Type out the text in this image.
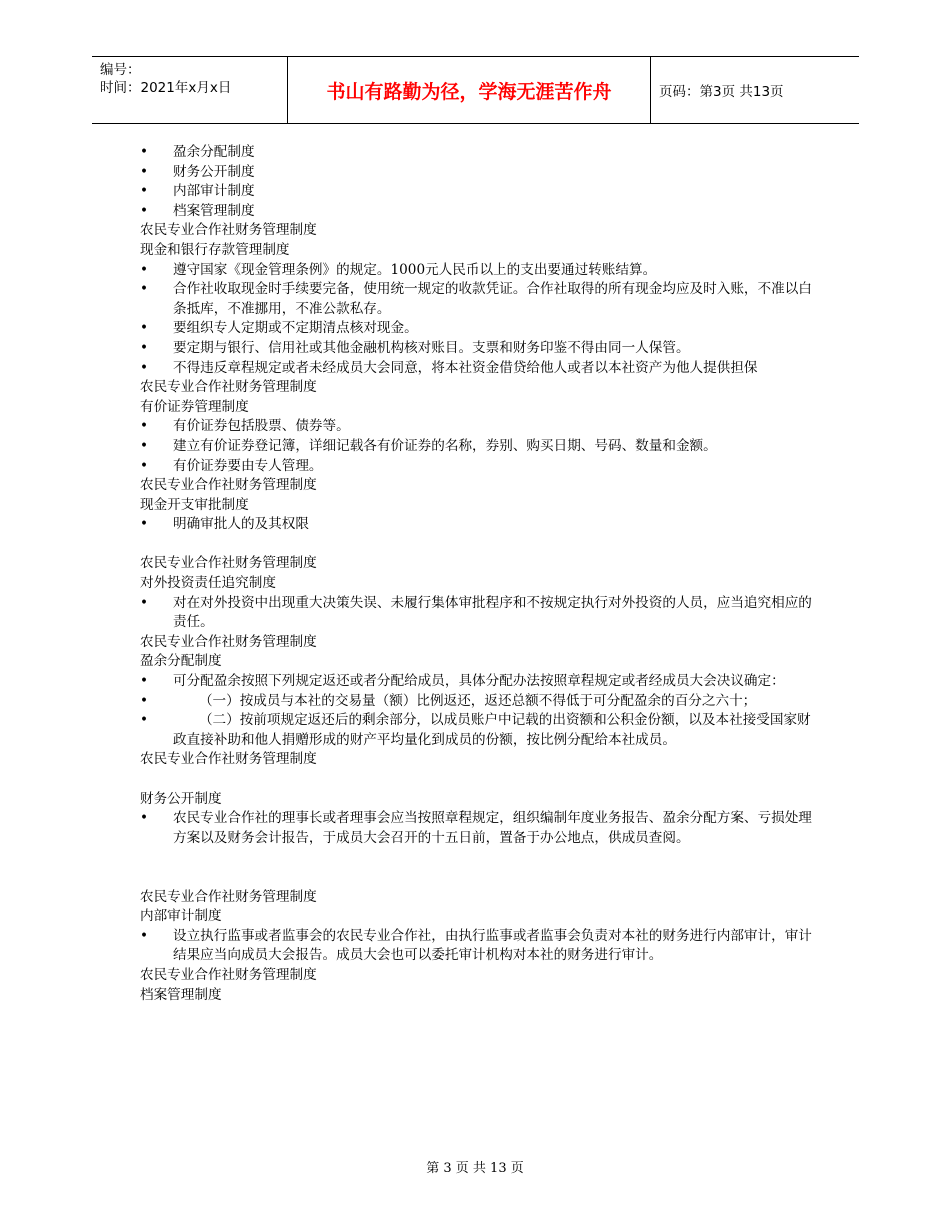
编号：
时间：2021年x月x日	书山有路勤为径，学海无涯苦作舟	页码：第3页 共13页
• 盈余分配制度
• 财务公开制度
• 内部审计制度
• 档案管理制度
农民专业合作社财务管理制度
现金和银行存款管理制度
• 遵守国家《现金管理条例》的规定。1000元人民币以上的支出要通过转账结算。
• 合作社收取现金时手续要完备，使用统一规定的收款凭证。合作社取得的所有现金均应及时入账，不准以白条抵库，不准挪用，不准公款私存。
• 要组织专人定期或不定期清点核对现金。
• 要定期与银行、信用社或其他金融机构核对账目。支票和财务印鉴不得由同一人保管。
• 不得违反章程规定或者未经成员大会同意，将本社资金借贷给他人或者以本社资产为他人提供担保
农民专业合作社财务管理制度
有价证券管理制度
• 有价证券包括股票、债券等。
• 建立有价证券登记簿，详细记载各有价证券的名称，券别、购买日期、号码、数量和金额。
• 有价证券要由专人管理。
农民专业合作社财务管理制度
现金开支审批制度
• 明确审批人的及其权限
农民专业合作社财务管理制度
对外投资责任追究制度
• 对在对外投资中出现重大决策失误、未履行集体审批程序和不按规定执行对外投资的人员，应当追究相应的责任。
农民专业合作社财务管理制度
盈余分配制度
• 可分配盈余按照下列规定返还或者分配给成员，具体分配办法按照章程规定或者经成员大会决议确定：
• （一）按成员与本社的交易量（额）比例返还，返还总额不得低于可分配盈余的百分之六十；
• （二）按前项规定返还后的剩余部分，以成员账户中记载的出资额和公积金份额，以及本社接受国家财政直接补助和他人捐赠形成的财产平均量化到成员的份额，按比例分配给本社成员。
农民专业合作社财务管理制度
财务公开制度
• 农民专业合作社的理事长或者理事会应当按照章程规定，组织编制年度业务报告、盈余分配方案、亏损处理方案以及财务会计报告，于成员大会召开的十五日前，置备于办公地点，供成员查阅。
农民专业合作社财务管理制度
内部审计制度
• 设立执行监事或者监事会的农民专业合作社，由执行监事或者监事会负责对本社的财务进行内部审计，审计结果应当向成员大会报告。成员大会也可以委托审计机构对本社的财务进行审计。
农民专业合作社财务管理制度
档案管理制度
第 3 页 共 13 页
